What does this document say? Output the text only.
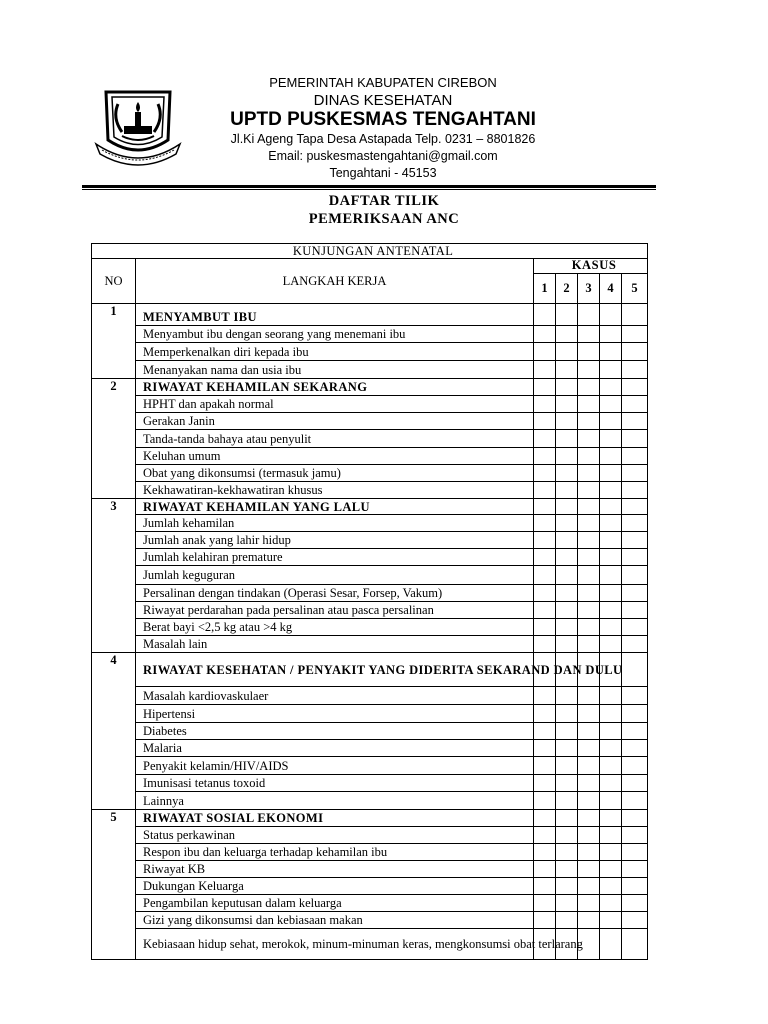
PEMERINTAH KABUPATEN CIREBON
DINAS KESEHATAN
UPTD PUSKESMAS TENGAHTANI
Jl.Ki Ageng Tapa Desa Astapada Telp. 0231 – 8801826
Email: puskesmastengahtani@gmail.com
Tengahtani - 45153
DAFTAR TILIK
PEMERIKSAAN ANC
KUNJUNGAN ANTENATAL						
NO	LANGKAH KERJA	KASUS				
		1	2	3	4	5
1	MENYAMBUT IBU					
	Menyambut ibu dengan seorang yang menemani ibu					
	Memperkenalkan diri kepada ibu					
	Menanyakan nama dan usia ibu					
2	RIWAYAT KEHAMILAN SEKARANG					
	HPHT dan apakah normal					
	Gerakan Janin					
	Tanda-tanda bahaya atau penyulit					
	Keluhan umum					
	Obat yang dikonsumsi (termasuk jamu)					
	Kekhawatiran-kekhawatiran khusus					
3	RIWAYAT KEHAMILAN YANG LALU					
	Jumlah kehamilan					
	Jumlah anak yang lahir hidup					
	Jumlah kelahiran premature					
	Jumlah keguguran					
	Persalinan dengan tindakan (Operasi Sesar, Forsep, Vakum)					
	Riwayat perdarahan pada persalinan atau pasca persalinan					
	Berat bayi <2,5 kg atau >4 kg					
	Masalah lain					
4	RIWAYAT KESEHATAN / PENYAKIT YANG DIDERITA SEKARAND DAN DULU					
	Masalah kardiovaskulaer					
	Hipertensi					
	Diabetes					
	Malaria					
	Penyakit kelamin/HIV/AIDS					
	Imunisasi tetanus toxoid					
	Lainnya					
5	RIWAYAT SOSIAL EKONOMI					
	Status perkawinan					
	Respon ibu dan keluarga terhadap kehamilan ibu					
	Riwayat KB					
	Dukungan Keluarga					
	Pengambilan keputusan dalam keluarga					
	Gizi yang dikonsumsi dan kebiasaan makan					
	Kebiasaan hidup sehat, merokok, minum-minuman keras, mengkonsumsi obat terlarang					
